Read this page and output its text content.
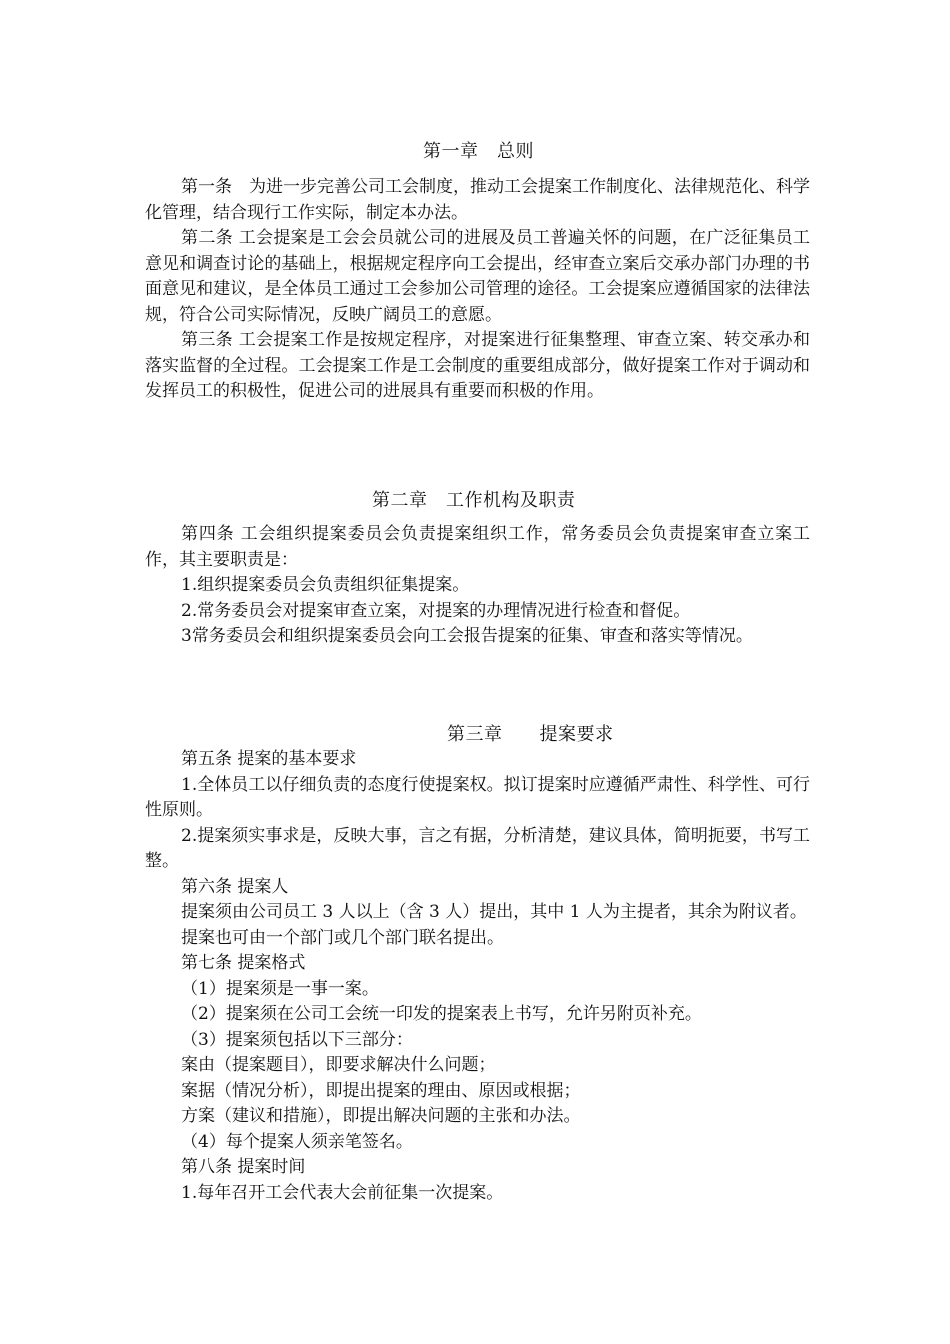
第一章　总则

第一条　为进一步完善公司工会制度，推动工会提案工作制度化、法律规范化、科学化管理，结合现行工作实际，制定本办法。

第二条 工会提案是工会会员就公司的进展及员工普遍关怀的问题，在广泛征集员工意见和调查讨论的基础上，根据规定程序向工会提出，经审查立案后交承办部门办理的书面意见和建议，是全体员工通过工会参加公司管理的途径。工会提案应遵循国家的法律法规，符合公司实际情况，反映广阔员工的意愿。

第三条 工会提案工作是按规定程序，对提案进行征集整理、审查立案、转交承办和落实监督的全过程。工会提案工作是工会制度的重要组成部分，做好提案工作对于调动和发挥员工的积极性，促进公司的进展具有重要而积极的作用。

第二章　工作机构及职责

第四条 工会组织提案委员会负责提案组织工作，常务委员会负责提案审查立案工作，其主要职责是：

1.组织提案委员会负责组织征集提案。

2.常务委员会对提案审查立案，对提案的办理情况进行检查和督促。

3常务委员会和组织提案委员会向工会报告提案的征集、审查和落实等情况。

第三章　　提案要求

第五条 提案的基本要求

1.全体员工以仔细负责的态度行使提案权。拟订提案时应遵循严肃性、科学性、可行性原则。

2.提案须实事求是，反映大事，言之有据，分析清楚，建议具体，简明扼要，书写工整。

第六条 提案人

提案须由公司员工 3 人以上（含 3 人）提出，其中 1 人为主提者，其余为附议者。

提案也可由一个部门或几个部门联名提出。

第七条 提案格式

（1）提案须是一事一案。

（2）提案须在公司工会统一印发的提案表上书写，允许另附页补充。

（3）提案须包括以下三部分：

案由（提案题目），即要求解决什么问题；

案据（情况分析），即提出提案的理由、原因或根据；

方案（建议和措施），即提出解决问题的主张和办法。

（4）每个提案人须亲笔签名。

第八条 提案时间

1.每年召开工会代表大会前征集一次提案。
